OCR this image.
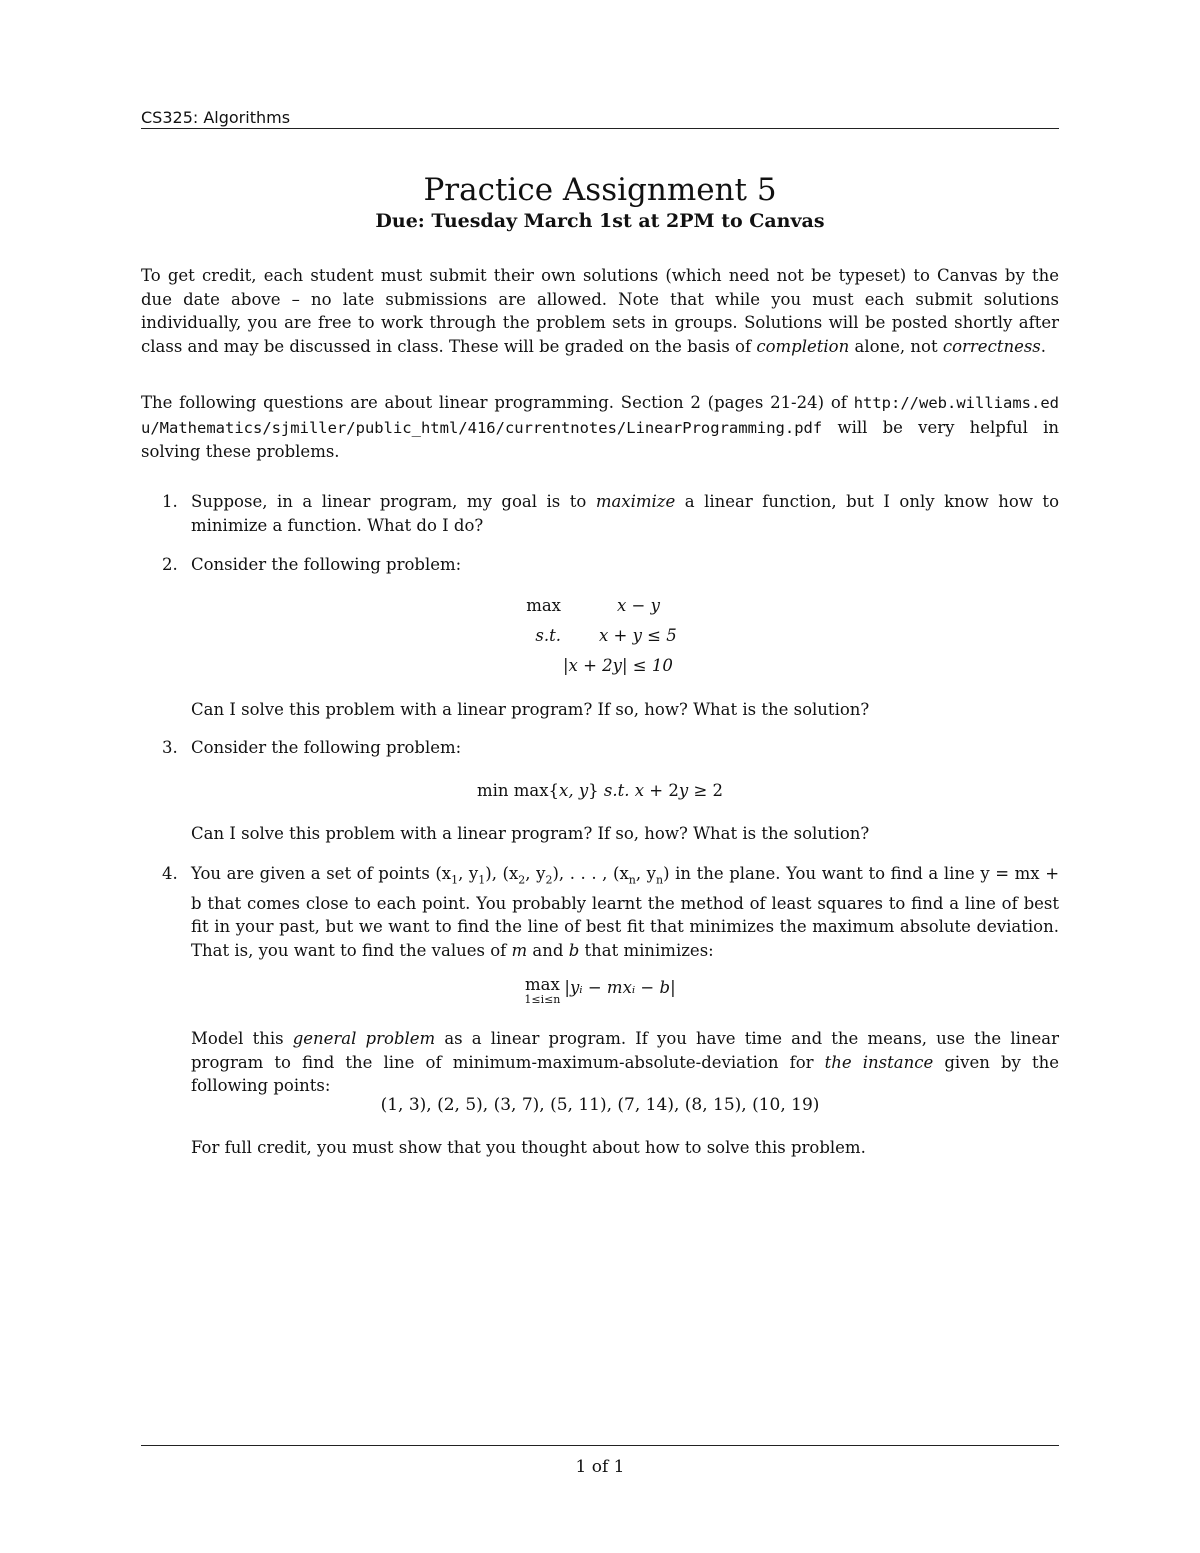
CS325: Algorithms
Practice Assignment 5
Due: Tuesday March 1st at 2PM to Canvas
To get credit, each student must submit their own solutions (which need not be typeset) to Canvas by the due date above – no late submissions are allowed. Note that while you must each submit solutions individually, you are free to work through the problem sets in groups. Solutions will be posted shortly after class and may be discussed in class. These will be graded on the basis of completion alone, not correctness.
The following questions are about linear programming. Section 2 (pages 21-24) of http://web.williams.edu/Mathematics/sjmiller/public_html/416/currentnotes/LinearProgramming.pdf will be very helpful in solving these problems.
1. Suppose, in a linear program, my goal is to maximize a linear function, but I only know how to minimize a function. What do I do?
2. Consider the following problem:
max	x − y
s.t. x + y ≤ 5
|x + 2y| ≤ 10
Can I solve this problem with a linear program? If so, how? What is the solution?
3. Consider the following problem:
min max{x, y} s.t. x + 2y ≥ 2
Can I solve this problem with a linear program? If so, how? What is the solution?
4. You are given a set of points ($x_1$, $y_1$), ($x_2$, $y_2$), . . . , ($x_n$, $y_n$) in the plane. You want to find a line y = mx + b that comes close to each point. You probably learnt the method of least squares to find a line of best fit in your past, but we want to find the line of best fit that minimizes the maximum absolute deviation. That is, you want to find the values of m and b that minimizes:
max
1≤i≤n
|yᵢ − mxᵢ − b|
Model this general problem as a linear program. If you have time and the means, use the linear program to find the line of minimum-maximum-absolute-deviation for the instance given by the following points:
(1, 3), (2, 5), (3, 7), (5, 11), (7, 14), (8, 15), (10, 19)
For full credit, you must show that you thought about how to solve this problem.
1 of 1
